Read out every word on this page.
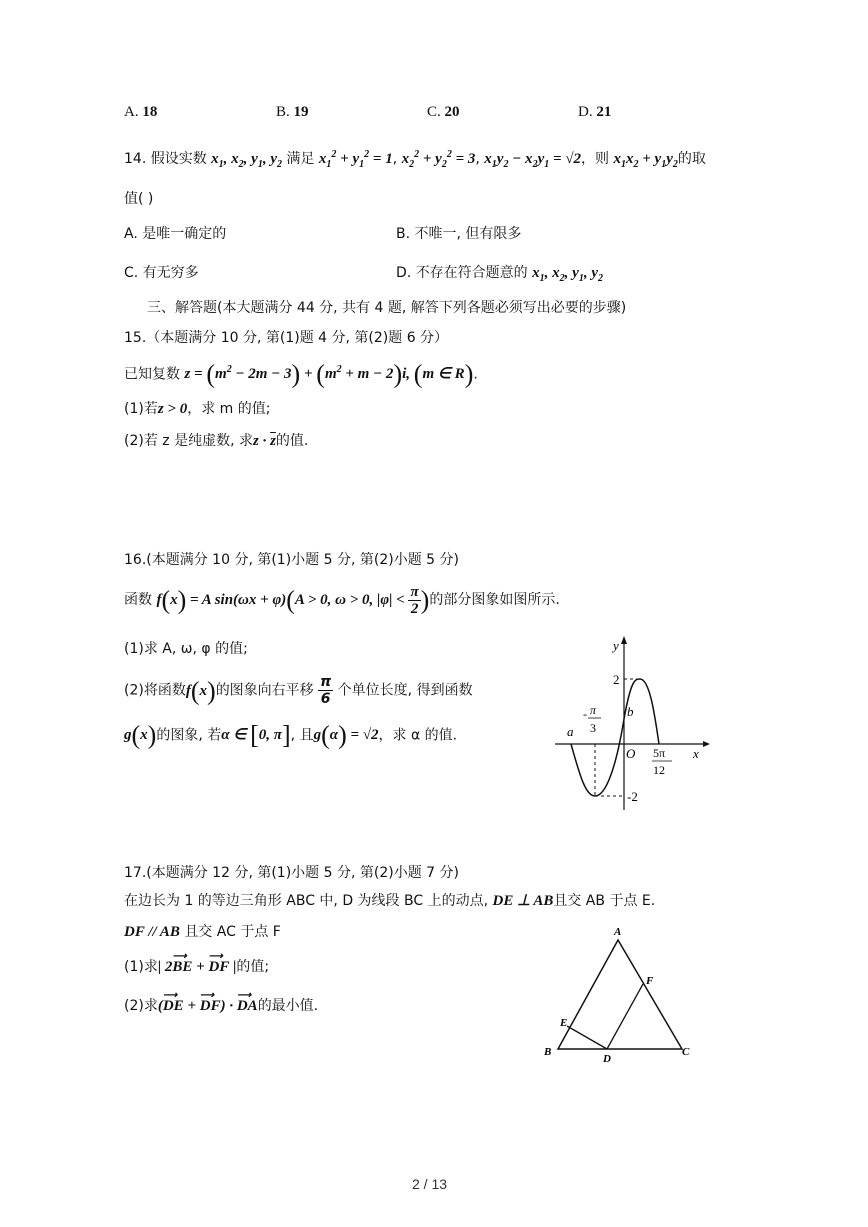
A. 18	B. 19	C. 20	D. 21
14. 假设实数 $x_1$, $x_2$, $y_1$, $y_2$ 满足 $x_1^2 + y_1^2 = 1$, $x_2^2 + y_2^2 = 3$, $x_1y_2 - x_2y_1 = √2$，则 $x_1x_2 + y_1y_2$的取
值( )
A. 是唯一确定的	B. 不唯一, 但有限多
C. 有无穷多	D. 不存在符合题意的 $x_1$, $x_2$, $y_1$, $y_2$
三、解答题(本大题满分 44 分, 共有 4 题, 解答下列各题必须写出必要的步骤)
15.（本题满分 10 分, 第(1)题 4 分, 第(2)题 6 分）
已知复数 $z = (m^2 - 2m - 3) + (m^2 + m - 2)i$, (m ∈ R).
(1)若z > 0，求 m 的值;
(2)若 z 是纯虚数, 求$z \cdot \overline{z}$的值.
16.(本题满分 10 分, 第(1)小题 5 分, 第(2)小题 5 分)
函数 f(x) = A sin(ωx + φ)(A > 0, ω > 0, $|\varphi| < \frac{\pi}{2}$ )的部分图象如图所示.
(1)求 A, ω, φ 的值;
(2)将函数f(x)的图象向右平移 $\frac{\pi}{6}$ 个单位长度, 得到函数
g(x)的图象, 若α ∈ [0, π], 且g(α) = √2，求 α 的值.
y
x
O
2
-2
b
a
- π
3
5π
12
17.(本题满分 12 分, 第(1)小题 5 分, 第(2)小题 7 分)
在边长为 1 的等边三角形 ABC 中, D 为线段 BC 上的动点, DE ⊥ AB且交 AB 于点 E.
DF // AB 且交 AC 于点 F
(1)求| 2BE
⟶
+ DF
⟶
|的值;
(2)求(DE
⟶
+ DF
⟶
) · DA
⟶
的最小值.
A
B	C
D
E
F
2 / 13
